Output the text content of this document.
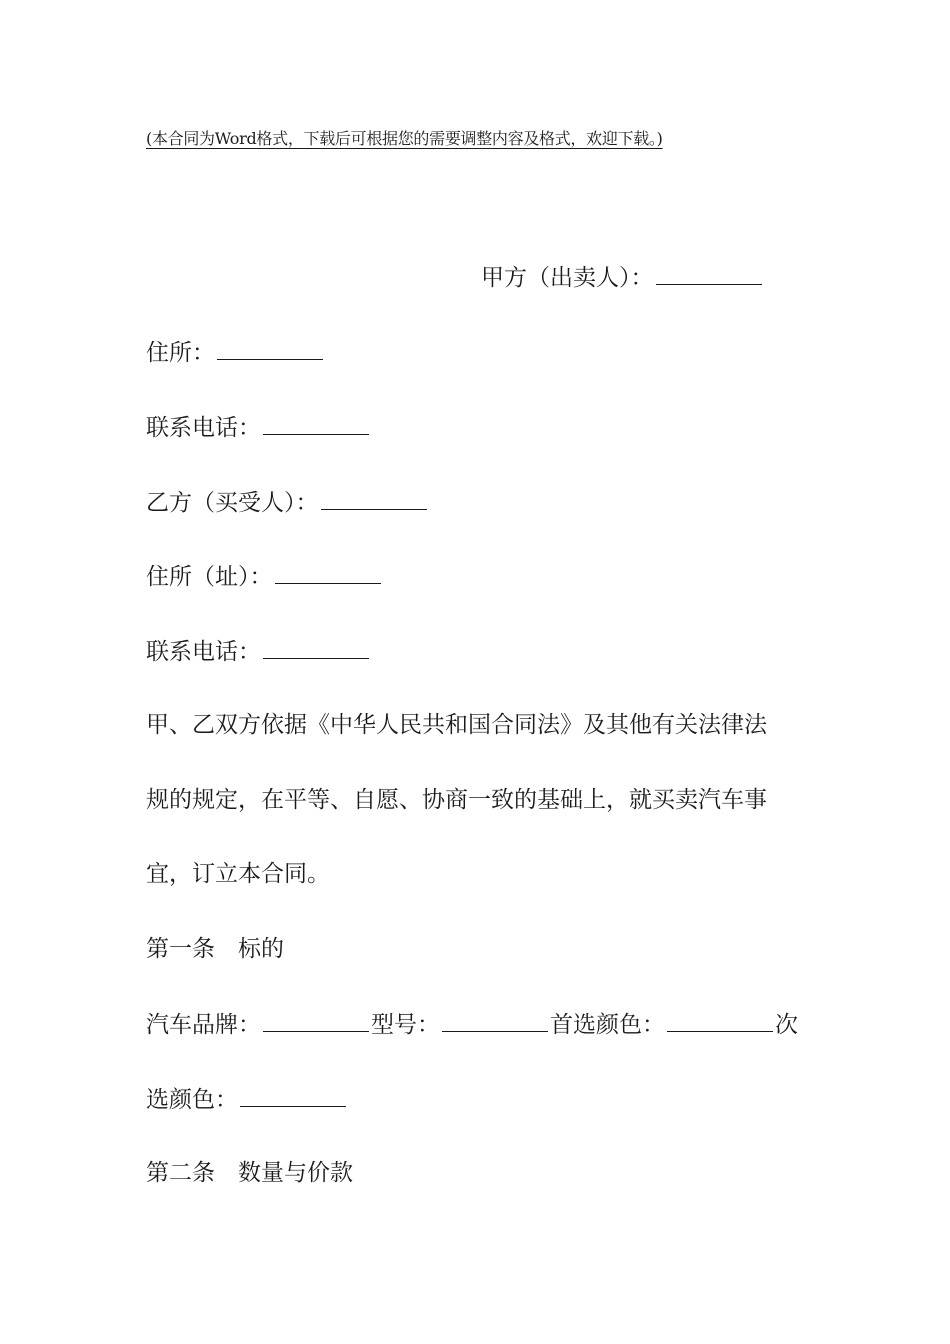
(本合同为Word格式，下载后可根据您的需要调整内容及格式，欢迎下载。)
甲方（出卖人）：
住所：
联系电话：
乙方（买受人）：
住所（址）：
联系电话：
甲、乙双方依据《中华人民共和国合同法》及其他有关法律法
规的规定，在平等、自愿、协商一致的基础上，就买卖汽车事
宜，订立本合同。
第一条　标的
汽车品牌：	型号：	首选颜色：	次
选颜色：
第二条　数量与价款
